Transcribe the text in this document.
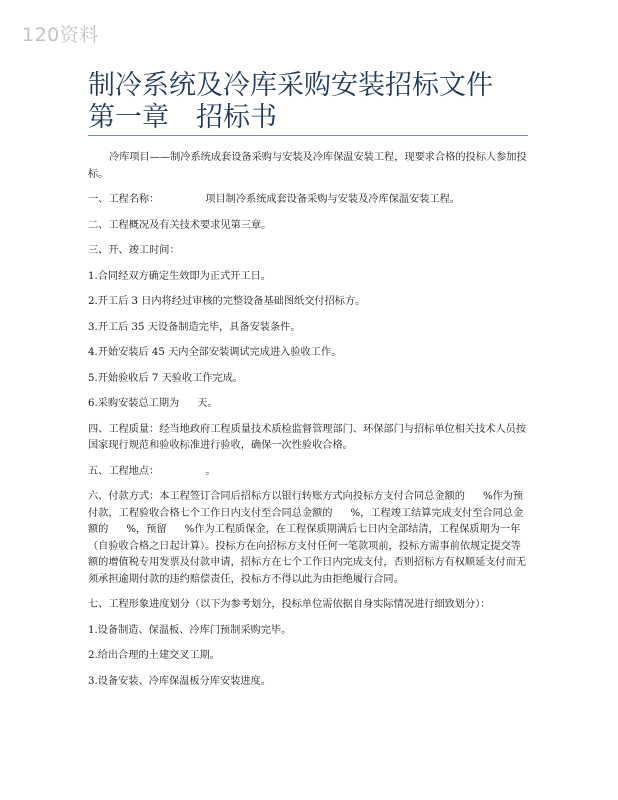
120资料
制冷系统及冷库采购安装招标文件
第一章　招标书

冷库项目——制冷系统成套设备采购与安装及冷库保温安装工程，现要求合格的投标人参加投标。

一、工程名称：	项目制冷系统成套设备采购与安装及冷库保温安装工程。

二、工程概况及有关技术要求见第三章。

三、开、竣工时间：

1.合同经双方确定生效即为正式开工日。

2.开工后 3 日内将经过审核的完整设备基础图纸交付招标方。

3.开工后 35 天设备制造完毕，具备安装条件。

4.开始安装后 45 天内全部安装调试完成进入验收工作。

5.开始验收后 7 天验收工作完成。

6.采购安装总工期为 天。

四、工程质量：经当地政府工程质量技术质检监督管理部门、环保部门与招标单位相关技术人员按国家现行规范和验收标准进行验收，确保一次性验收合格。

五、工程地点：	。

六、付款方式：本工程签订合同后招标方以银行转账方式向投标方支付合同总金额的 %作为预付款，工程验收合格七个工作日内支付至合同总金额的 %，工程竣工结算完成支付至合同总金额的 %，预留 %作为工程质保金，在工程保质期满后七日内全部结清，工程保质期为一年（自验收合格之日起计算）。投标方在向招标方支付任何一笔款项前，投标方需事前依规定提交等额的增值税专用发票及付款申请，招标方在七个工作日内完成支付，否则招标方有权顺延支付而无须承担逾期付款的违约赔偿责任，投标方不得以此为由拒绝履行合同。

七、工程形象进度划分（以下为参考划分，投标单位需依据自身实际情况进行细致划分）：

1.设备制造、保温板、冷库门预制采购完毕。

2.给出合理的土建交叉工期。

3.设备安装、冷库保温板分库安装进度。
